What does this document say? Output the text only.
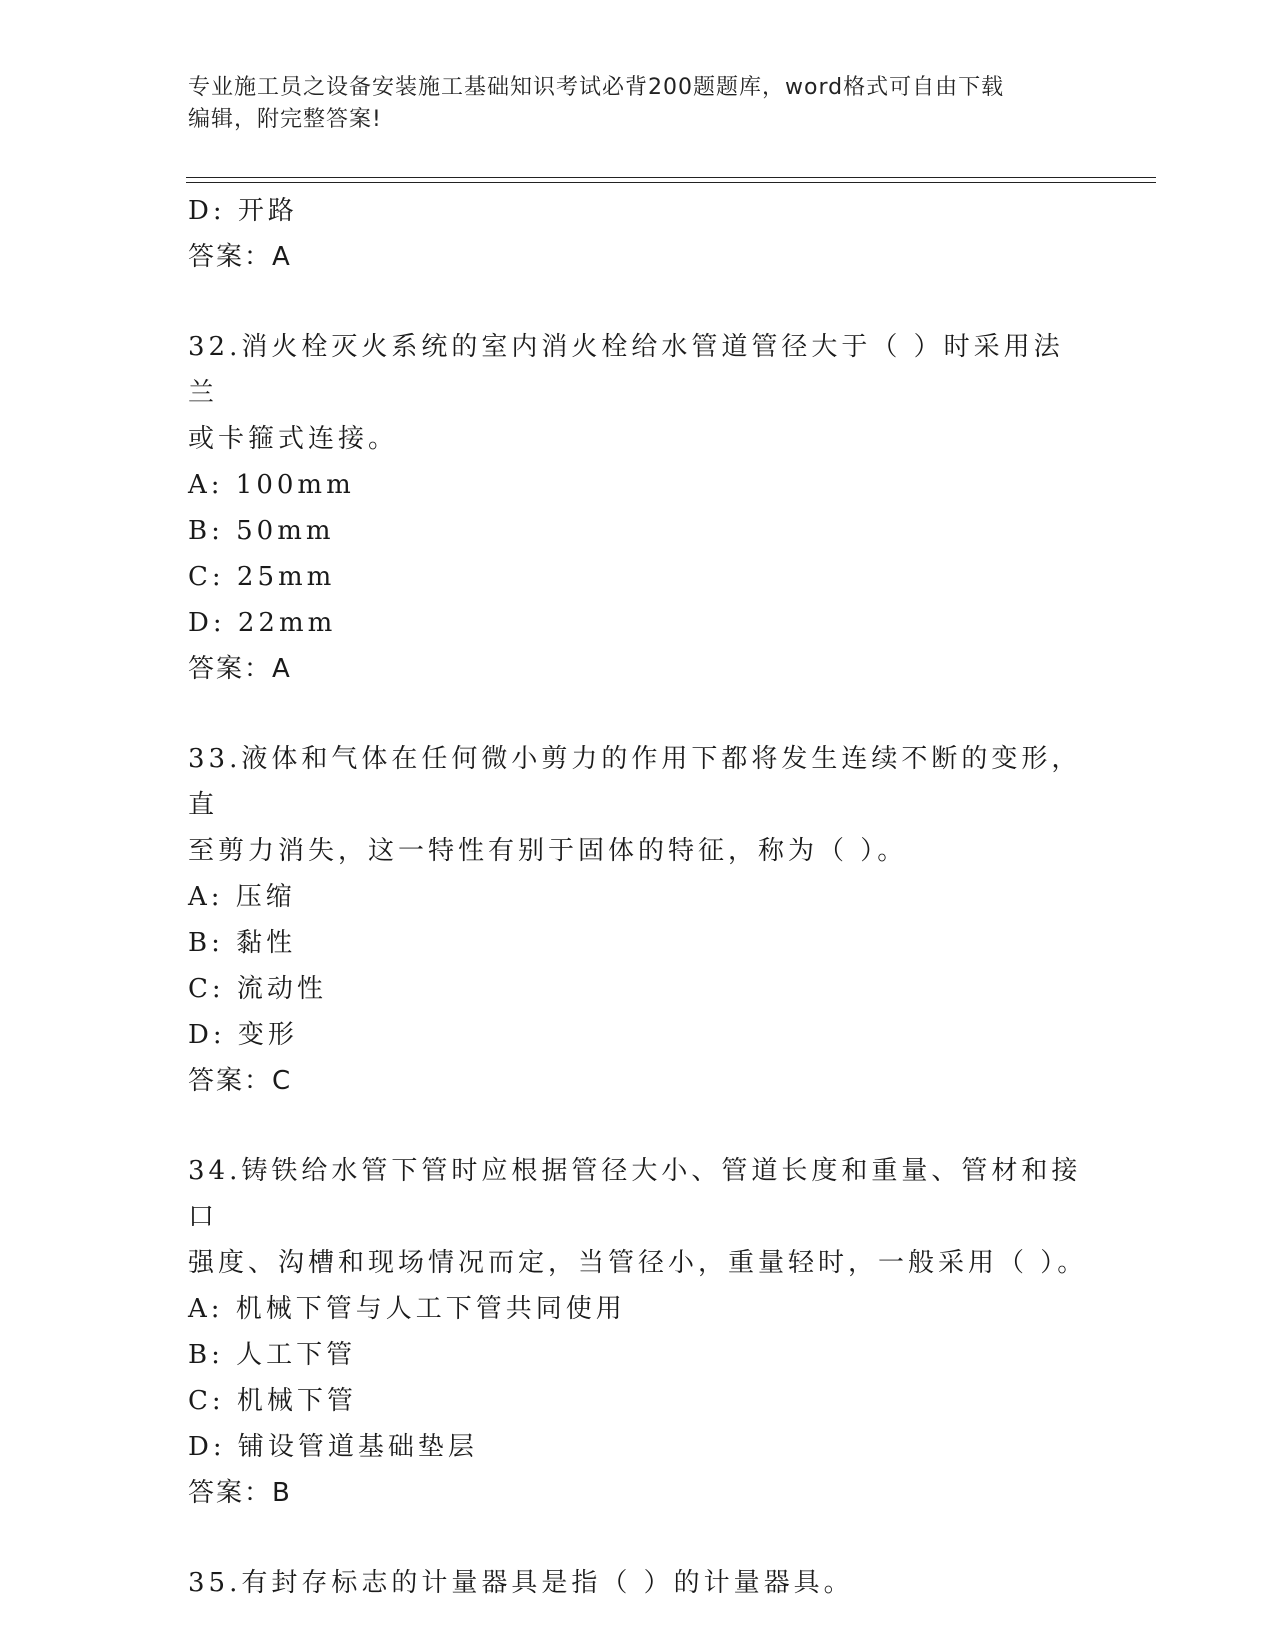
专业施工员之设备安装施工基础知识考试必背200题题库，word格式可自由下载
编辑，附完整答案!
D: 开路
答案：A
32.消火栓灭火系统的室内消火栓给水管道管径大于（ ）时采用法兰
或卡箍式连接。
A: 100mm
B: 50mm
C: 25mm
D: 22mm
答案：A
33.液体和气体在任何微小剪力的作用下都将发生连续不断的变形，直
至剪力消失，这一特性有别于固体的特征，称为（ ）。
A: 压缩
B: 黏性
C: 流动性
D: 变形
答案：C
34.铸铁给水管下管时应根据管径大小、管道长度和重量、管材和接口
强度、沟槽和现场情况而定，当管径小，重量轻时，一般采用（ ）。
A: 机械下管与人工下管共同使用
B: 人工下管
C: 机械下管
D: 铺设管道基础垫层
答案：B
35.有封存标志的计量器具是指（ ）的计量器具。
